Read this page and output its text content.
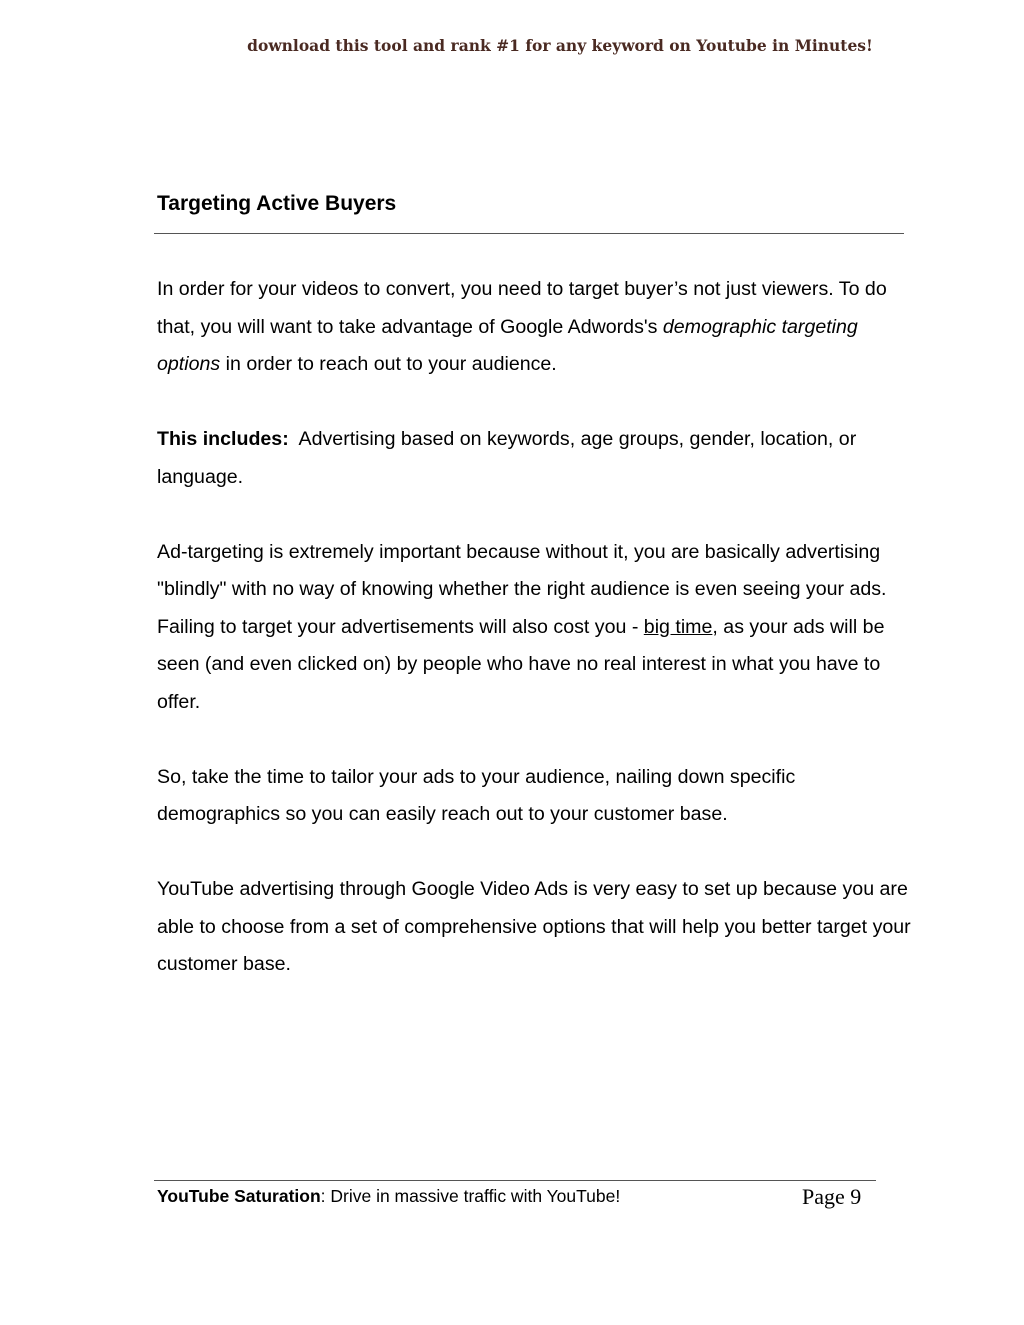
download this tool and rank #1 for any keyword on Youtube in Minutes!
Targeting Active Buyers

In order for your videos to convert, you need to target buyer’s not just viewers. To do that, you will want to take advantage of Google Adwords's demographic targeting options in order to reach out to your audience.

This includes:  Advertising based on keywords, age groups, gender, location, or language.

Ad-targeting is extremely important because without it, you are basically advertising "blindly" with no way of knowing whether the right audience is even seeing your ads. Failing to target your advertisements will also cost you - big time, as your ads will be seen (and even clicked on) by people who have no real interest in what you have to offer.

So, take the time to tailor your ads to your audience, nailing down specific demographics so you can easily reach out to your customer base.

YouTube advertising through Google Video Ads is very easy to set up because you are able to choose from a set of comprehensive options that will help you better target your customer base.

YouTube Saturation: Drive in massive traffic with YouTube!	Page 9
